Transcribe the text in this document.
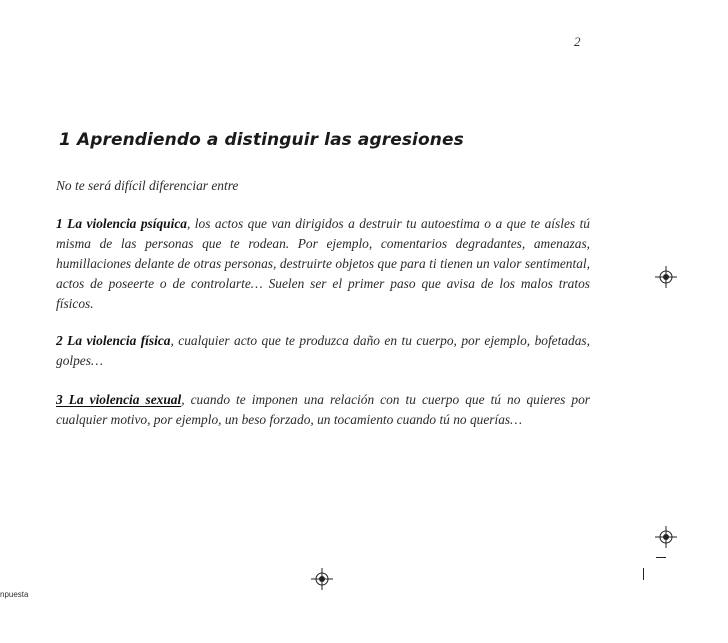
2
1 Aprendiendo a distinguir las agresiones

No te será difícil diferenciar entre

1 La violencia psíquica, los actos que van dirigidos a destruir tu autoestima o a que te aísles tú misma de las personas que te rodean. Por ejemplo, comentarios degradantes, amenazas, humillaciones delante de otras personas, destruirte objetos que para ti tienen un valor sentimental, actos de poseerte o de controlarte… Suelen ser el primer paso que avisa de los malos tratos físicos.

2 La violencia física, cualquier acto que te produzca daño en tu cuerpo, por ejemplo, bofetadas, golpes…

3 La violencia sexual, cuando te imponen una relación con tu cuerpo que tú no quieres por cualquier motivo, por ejemplo, un beso forzado, un tocamiento cuando tú no querías…

npuesta
